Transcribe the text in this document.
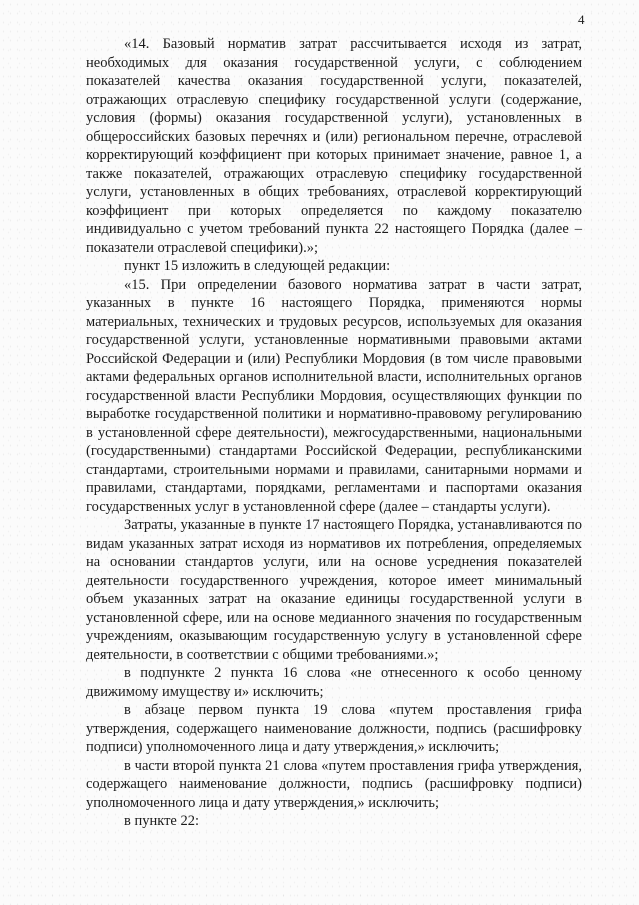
4

«14. Базовый норматив затрат рассчитывается исходя из затрат, необходимых для оказания государственной услуги, с соблюдением показателей качества оказания государственной услуги, показателей, отражающих отраслевую специфику государственной услуги (содержание, условия (формы) оказания государственной услуги), установленных в общероссийских базовых перечнях и (или) региональном перечне, отраслевой корректирующий коэффициент при которых принимает значение, равное 1, а также показателей, отражающих отраслевую специфику государственной услуги, установленных в общих требованиях, отраслевой корректирующий коэффициент при которых определяется по каждому показателю индивидуально с учетом требований пункта 22 настоящего Порядка (далее – показатели отраслевой специфики).»;

пункт 15 изложить в следующей редакции:

«15. При определении базового норматива затрат в части затрат, указанных в пункте 16 настоящего Порядка, применяются нормы материальных, технических и трудовых ресурсов, используемых для оказания государственной услуги, установленные нормативными правовыми актами Российской Федерации и (или) Республики Мордовия (в том числе правовыми актами федеральных органов исполнительной власти, исполнительных органов государственной власти Республики Мордовия, осуществляющих функции по выработке государственной политики и нормативно-правовому регулированию в установленной сфере деятельности), межгосударственными, национальными (государственными) стандартами Российской Федерации, республиканскими стандартами, строительными нормами и правилами, санитарными нормами и правилами, стандартами, порядками, регламентами и паспортами оказания государственных услуг в установленной сфере (далее – стандарты услуги).

Затраты, указанные в пункте 17 настоящего Порядка, устанавливаются по видам указанных затрат исходя из нормативов их потребления, определяемых на основании стандартов услуги, или на основе усреднения показателей деятельности государственного учреждения, которое имеет минимальный объем указанных затрат на оказание единицы государственной услуги в установленной сфере, или на основе медианного значения по государственным учреждениям, оказывающим государственную услугу в установленной сфере деятельности, в соответствии с общими требованиями.»;

в подпункте 2 пункта 16 слова «не отнесенного к особо ценному движимому имуществу и» исключить;

в абзаце первом пункта 19 слова «путем проставления грифа утверждения, содержащего наименование должности, подпись (расшифровку подписи) уполномоченного лица и дату утверждения,» исключить;

в части второй пункта 21 слова «путем проставления грифа утверждения, содержащего наименование должности, подпись (расшифровку подписи) уполномоченного лица и дату утверждения,» исключить;

в пункте 22:
